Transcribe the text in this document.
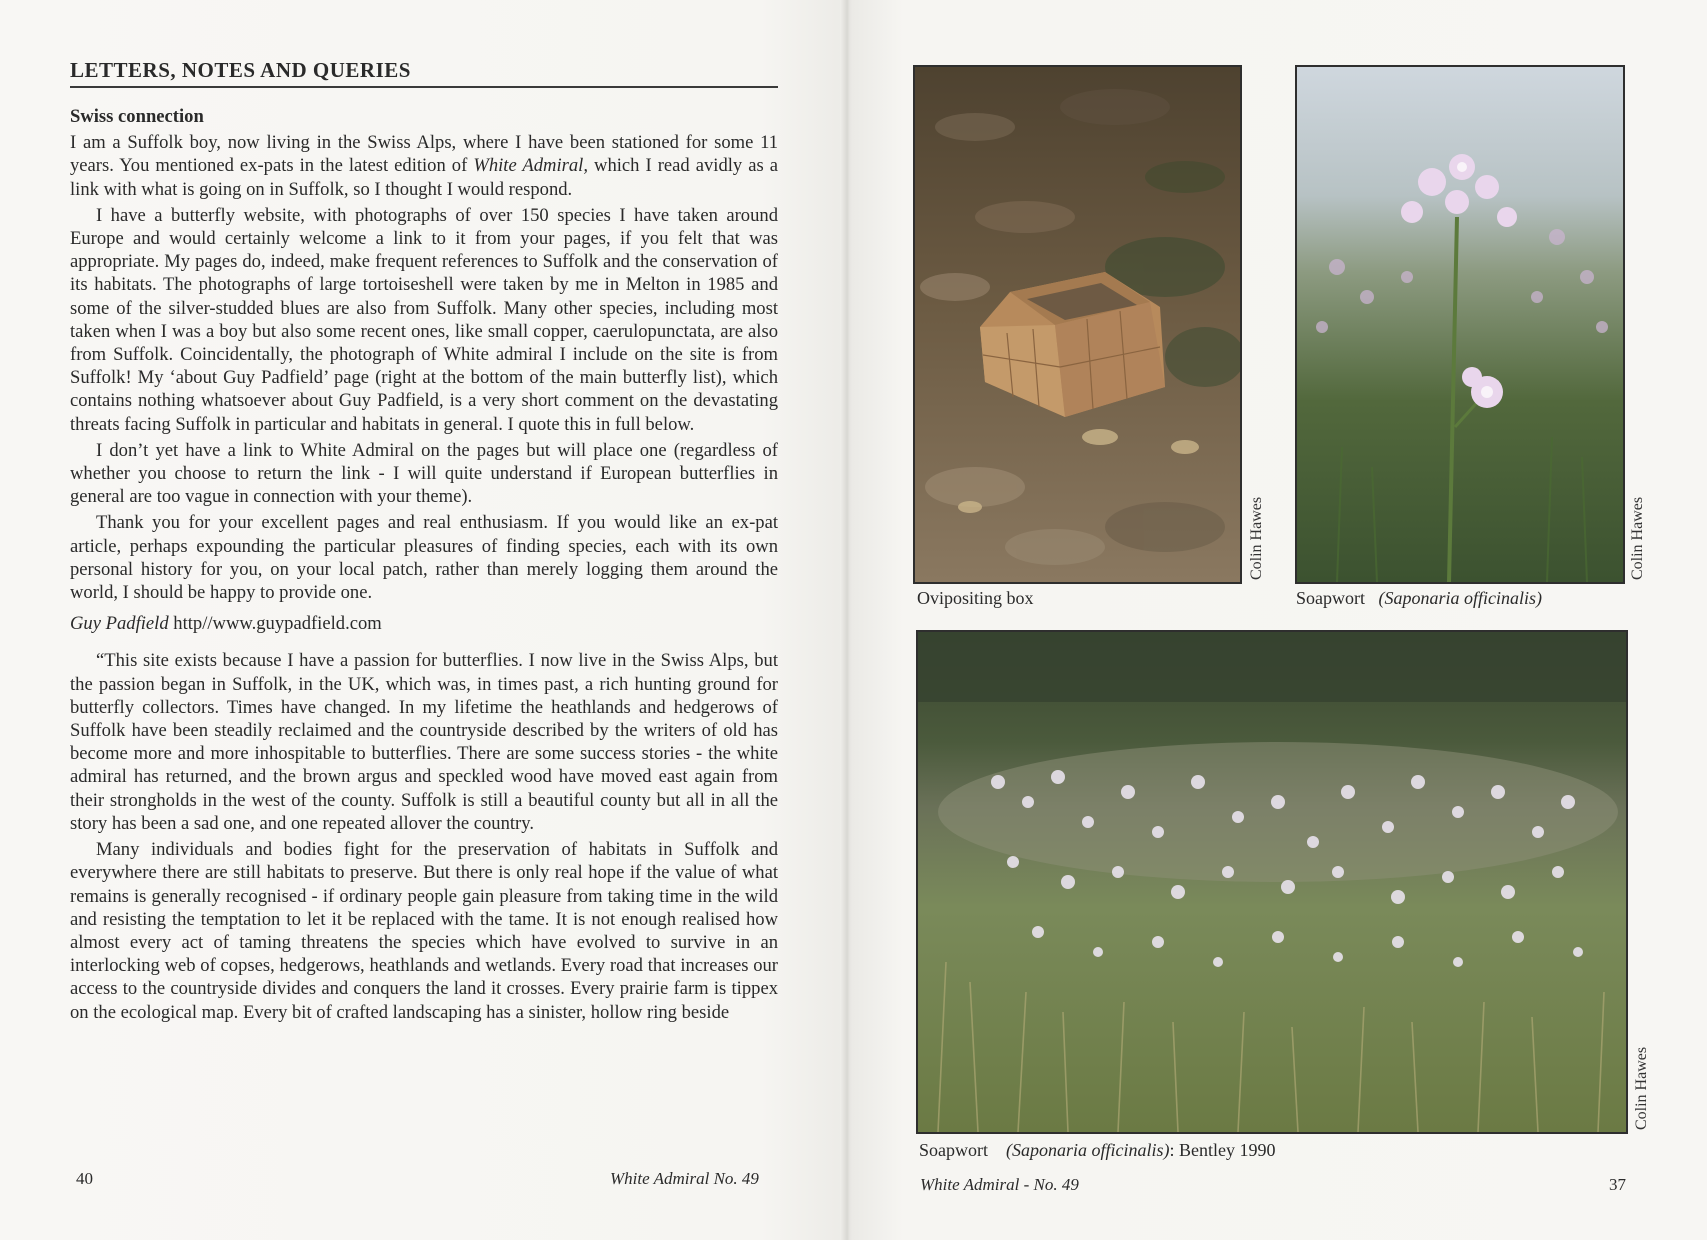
LETTERS, NOTES AND QUERIES
Swiss connection

I am a Suffolk boy, now living in the Swiss Alps, where I have been stationed for some 11 years. You mentioned ex-pats in the latest edition of White Admiral, which I read avidly as a link with what is going on in Suffolk, so I thought I would respond.

I have a butterfly website, with photographs of over 150 species I have taken around Europe and would certainly welcome a link to it from your pages, if you felt that was appropriate. My pages do, indeed, make frequent references to Suffolk and the conservation of its habitats. The photographs of large tortoiseshell were taken by me in Melton in 1985 and some of the silver-studded blues are also from Suffolk. Many other species, including most taken when I was a boy but also some recent ones, like small copper, caerulopunctata, are also from Suffolk. Coincidentally, the photograph of White admiral I include on the site is from Suffolk! My ‘about Guy Padfield’ page (right at the bottom of the main butterfly list), which contains nothing whatsoever about Guy Padfield, is a very short comment on the devastating threats facing Suffolk in particular and habitats in general. I quote this in full below.

I don’t yet have a link to White Admiral on the pages but will place one (regardless of whether you choose to return the link - I will quite understand if European butterflies in general are too vague in connection with your theme).

Thank you for your excellent pages and real enthusiasm. If you would like an ex-pat article, perhaps expounding the particular pleasures of finding species, each with its own personal history for you, on your local patch, rather than merely logging them around the world, I should be happy to provide one.

Guy Padfield http//www.guypadfield.com

“This site exists because I have a passion for butterflies. I now live in the Swiss Alps, but the passion began in Suffolk, in the UK, which was, in times past, a rich hunting ground for butterfly collectors. Times have changed. In my lifetime the heathlands and hedgerows of Suffolk have been steadily reclaimed and the countryside described by the writers of old has become more and more inhospitable to butterflies. There are some success stories - the white admiral has returned, and the brown argus and speckled wood have moved east again from their strongholds in the west of the county. Suffolk is still a beautiful county but all in all the story has been a sad one, and one repeated allover the country.

Many individuals and bodies fight for the preservation of habitats in Suffolk and everywhere there are still habitats to preserve. But there is only real hope if the value of what remains is generally recognised - if ordinary people gain pleasure from taking time in the wild and resisting the temptation to let it be replaced with the tame. It is not enough realised how almost every act of taming threatens the species which have evolved to survive in an interlocking web of copses, hedgerows, heathlands and wetlands. Every road that increases our access to the countryside divides and conquers the land it crosses. Every prairie farm is tippex on the ecological map. Every bit of crafted landscaping has a sinister, hollow ring beside

40	White Admiral No. 49
Colin Hawes
Ovipositing box
Colin Hawes
Soapwort (Saponaria officinalis)
Colin Hawes
Soapwort (Saponaria officinalis): Bentley 1990
White Admiral - No. 49	37
